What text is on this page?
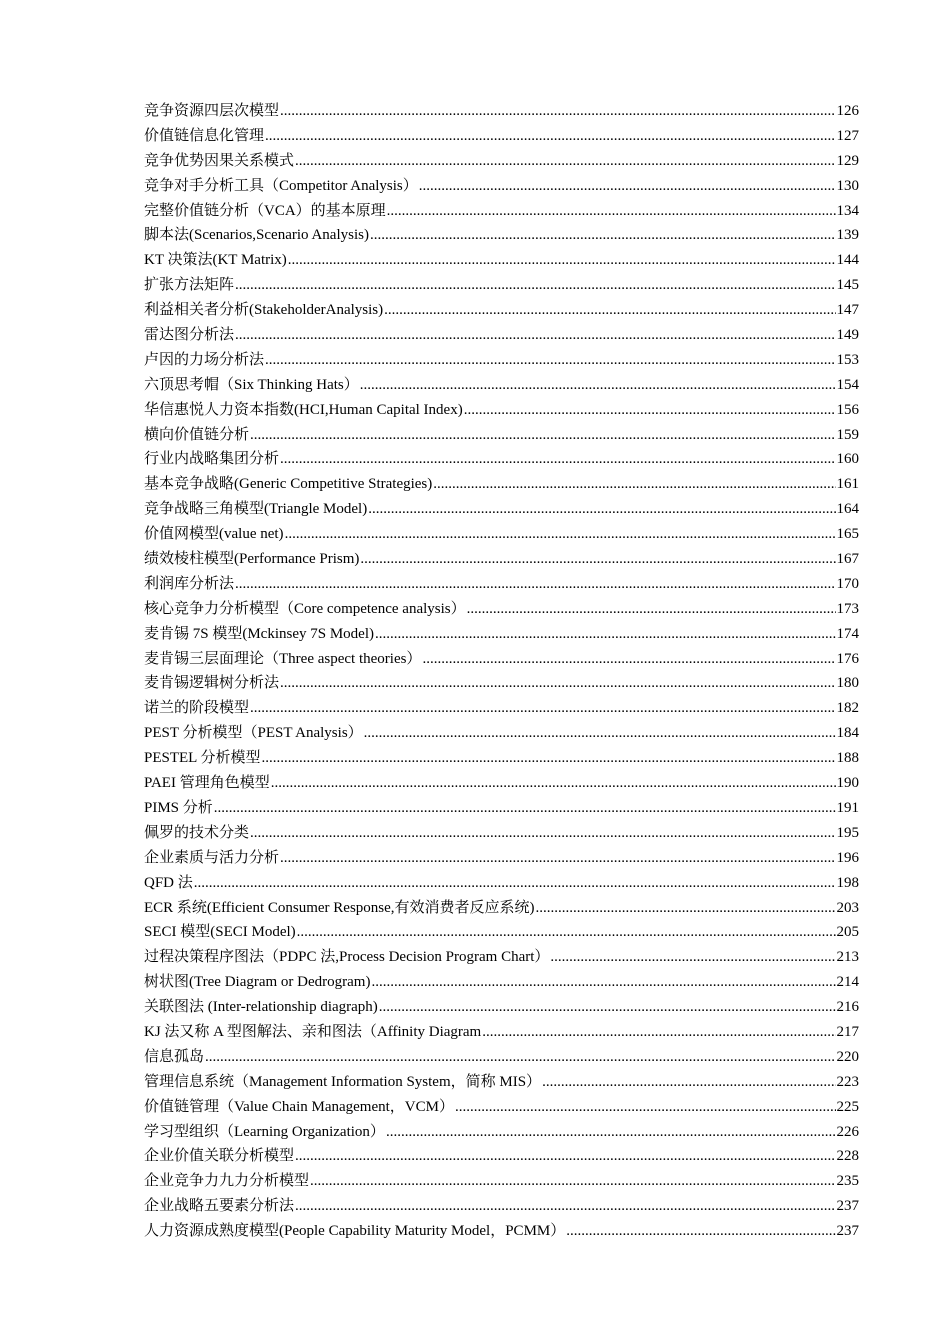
竞争资源四层次模型 .....	126
价值链信息化管理 .....	127
竞争优势因果关系模式 .....	129
竞争对手分析工具（Competitor Analysis） .....	130
完整价值链分析（VCA）的基本原理 .....	134
脚本法(Scenarios,Scenario Analysis) .....	139
KT 决策法(KT Matrix) .....	144
扩张方法矩阵 .....	145
利益相关者分析(StakeholderAnalysis) .....	147
雷达图分析法 .....	149
卢因的力场分析法 .....	153
六顶思考帽（Six Thinking Hats） .....	154
华信惠悦人力资本指数(HCI,Human Capital Index) .....	156
横向价值链分析 .....	159
行业内战略集团分析 .....	160
基本竞争战略(Generic Competitive Strategies) .....	161
竞争战略三角模型(Triangle Model) .....	164
价值网模型(value net) .....	165
绩效棱柱模型(Performance Prism) .....	167
利润库分析法 .....	170
核心竞争力分析模型（Core competence analysis） .....	173
麦肯锡 7S 模型(Mckinsey 7S Model) .....	174
麦肯锡三层面理论（Three aspect theories） .....	176
麦肯锡逻辑树分析法 .....	180
诺兰的阶段模型 .....	182
PEST 分析模型（PEST Analysis） .....	184
PESTEL 分析模型 .....	188
PAEI 管理角色模型 .....	190
PIMS 分析 .....	191
佩罗的技术分类 .....	195
企业素质与活力分析 .....	196
QFD 法 .....	198
ECR 系统(Efficient Consumer Response,有效消费者反应系统) .....	203
SECI 模型(SECI Model) .....	205
过程决策程序图法（PDPC 法,Process Decision Program Chart） .....	213
树状图(Tree Diagram or Dedrogram) .....	214
关联图法 (Inter-relationship diagraph) .....	216
KJ 法又称 A 型图解法、亲和图法（Affinity Diagram .....	217
信息孤岛 .....	220
管理信息系统（Management Information System，简称 MIS） .....	223
价值链管理（Value Chain Management，VCM） .....	225
学习型组织（Learning Organization） .....	226
企业价值关联分析模型 .....	228
企业竞争力九力分析模型 .....	235
企业战略五要素分析法 .....	237
人力资源成熟度模型(People Capability Maturity Model，PCMM） .....	237
